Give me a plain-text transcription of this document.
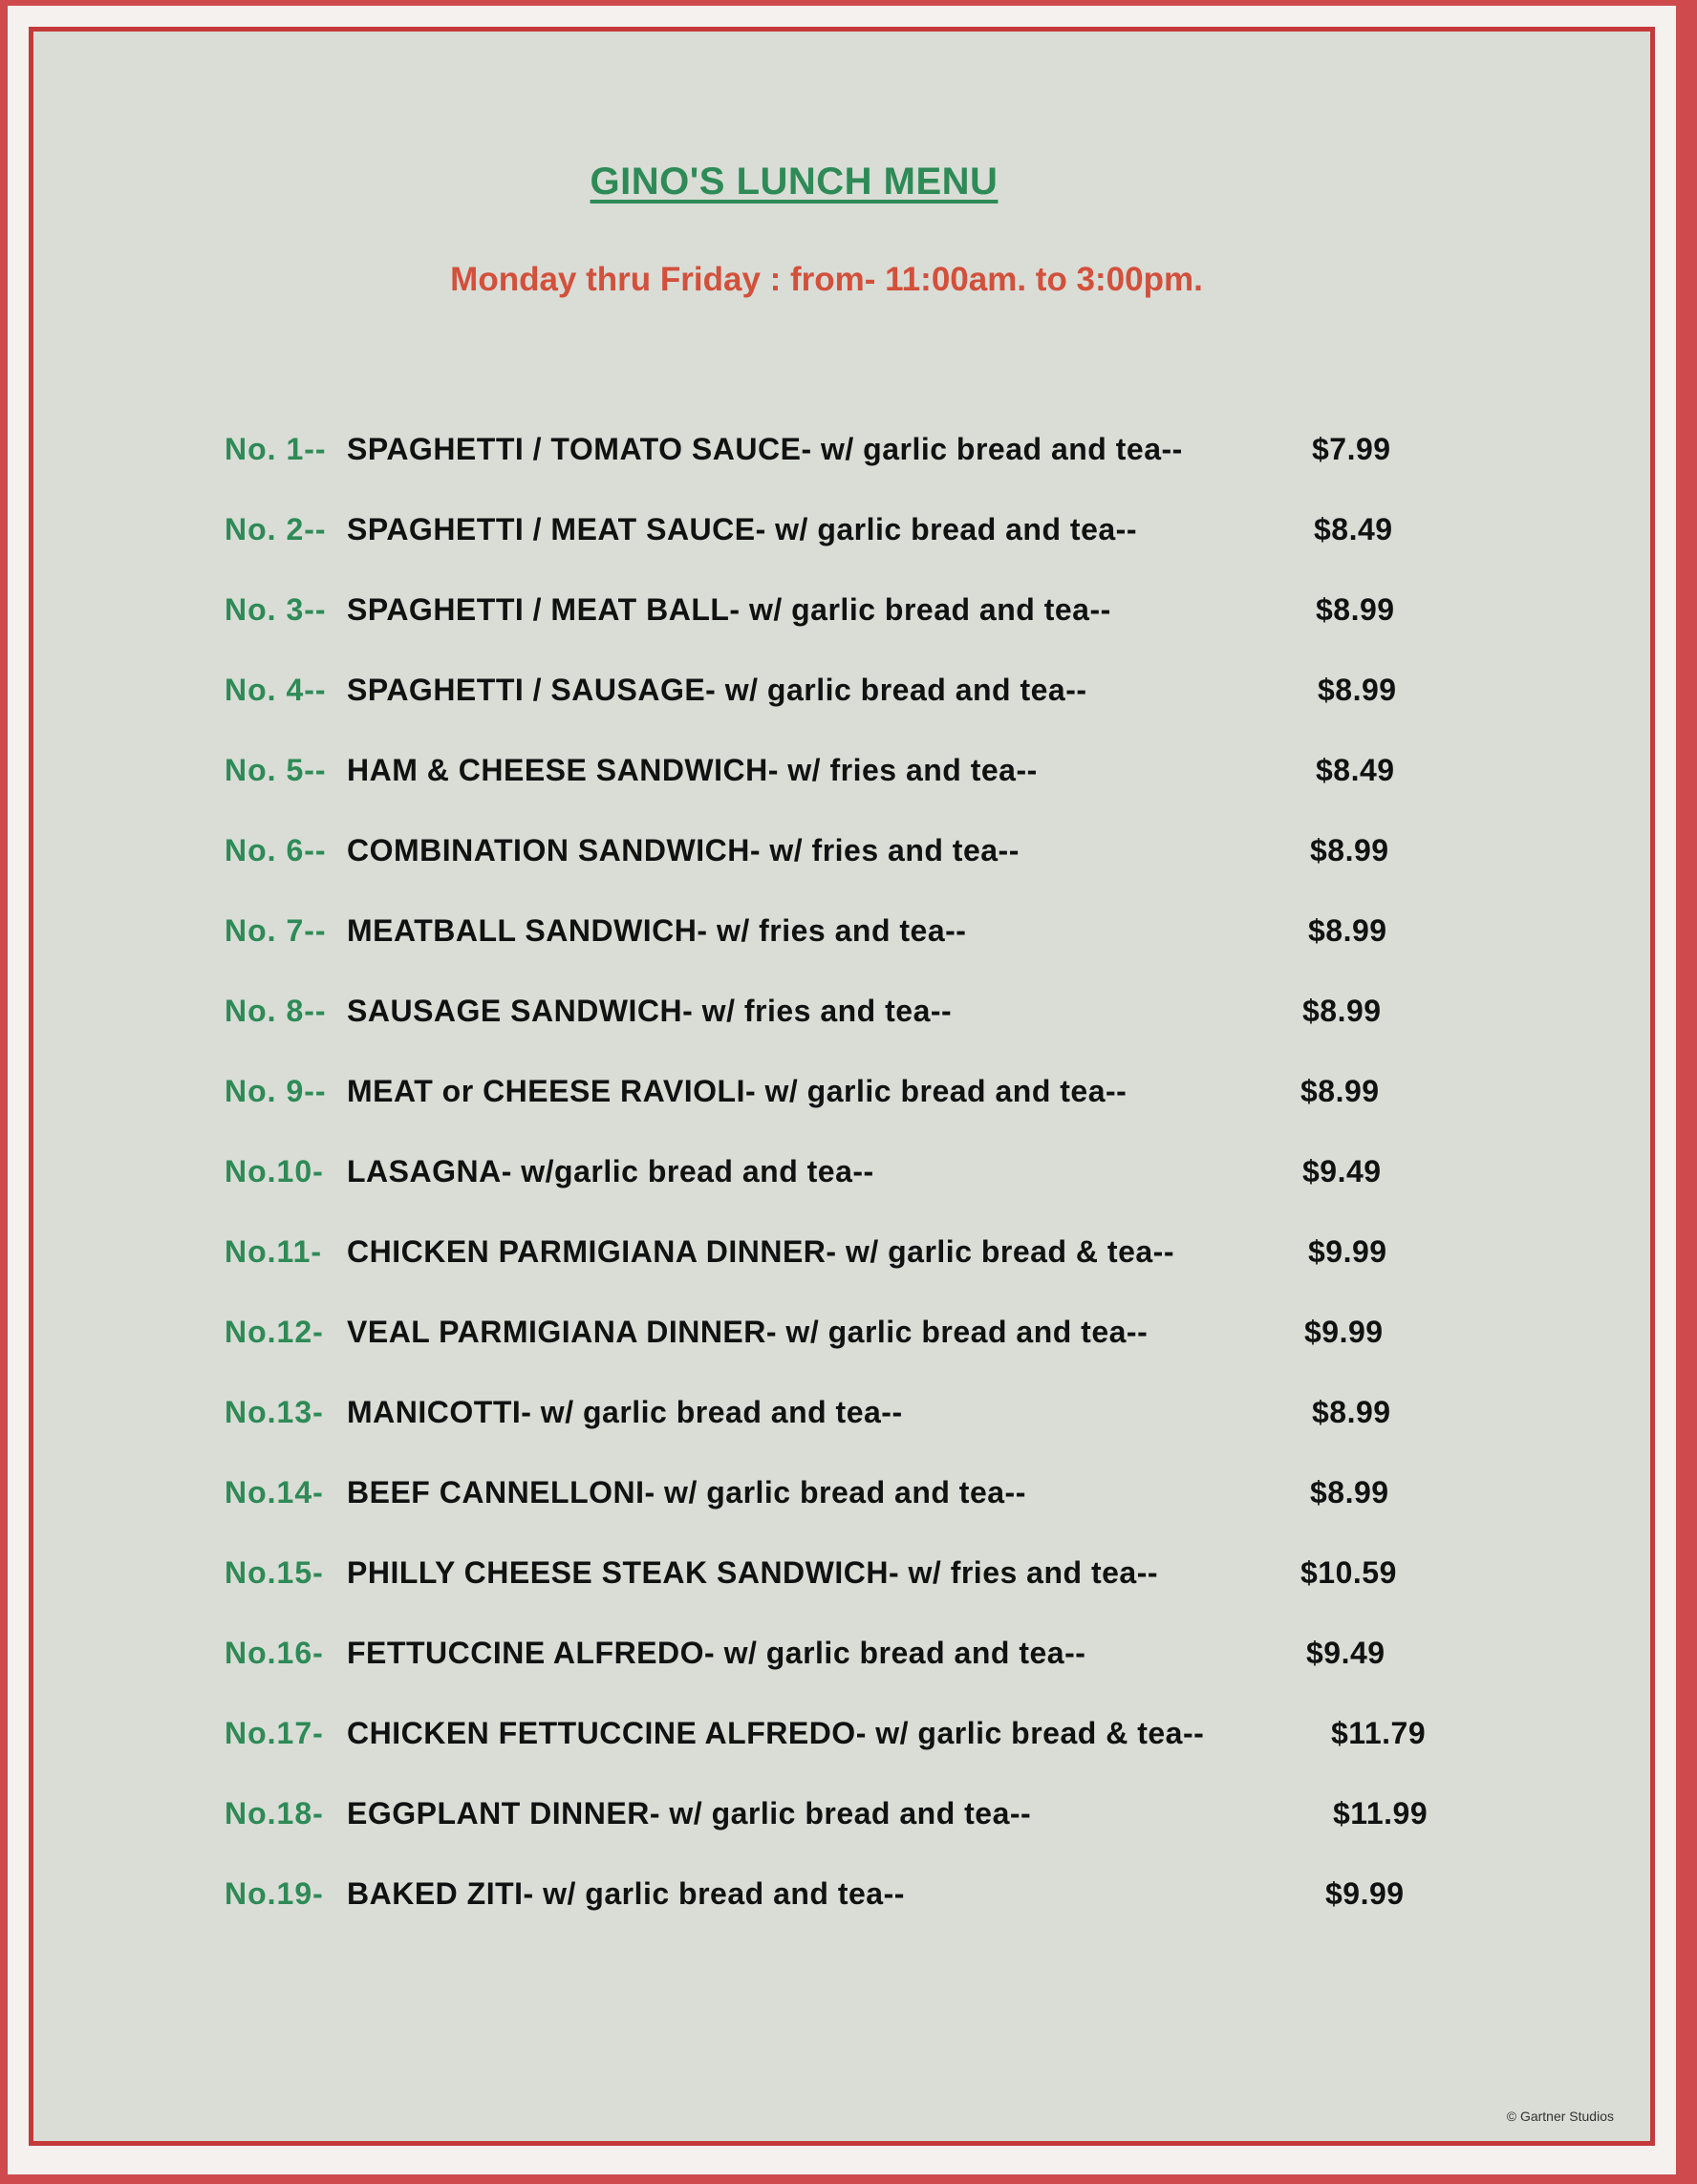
GINO'S LUNCH MENU
Monday thru Friday : from- 11:00am. to 3:00pm.
No. 1-- SPAGHETTI / TOMATO SAUCE- w/ garlic bread and tea--	$7.99
No. 2-- SPAGHETTI / MEAT SAUCE- w/ garlic bread and tea--	$8.49
No. 3-- SPAGHETTI / MEAT BALL- w/ garlic bread and tea--	$8.99
No. 4-- SPAGHETTI / SAUSAGE- w/ garlic bread and tea--	$8.99
No. 5-- HAM & CHEESE SANDWICH- w/ fries and tea--	$8.49
No. 6-- COMBINATION SANDWICH- w/ fries and tea--	$8.99
No. 7-- MEATBALL SANDWICH- w/ fries and tea--	$8.99
No. 8-- SAUSAGE SANDWICH- w/ fries and tea--	$8.99
No. 9-- MEAT or CHEESE RAVIOLI- w/ garlic bread and tea--	$8.99
No.10- LASAGNA- w/garlic bread and tea--	$9.49
No.11- CHICKEN PARMIGIANA DINNER- w/ garlic bread & tea--	$9.99
No.12- VEAL PARMIGIANA DINNER- w/ garlic bread and tea--	$9.99
No.13- MANICOTTI- w/ garlic bread and tea--	$8.99
No.14- BEEF CANNELLONI- w/ garlic bread and tea--	$8.99
No.15- PHILLY CHEESE STEAK SANDWICH- w/ fries and tea--	$10.59
No.16- FETTUCCINE ALFREDO- w/ garlic bread and tea--	$9.49
No.17- CHICKEN FETTUCCINE ALFREDO- w/ garlic bread & tea--	$11.79
No.18- EGGPLANT DINNER- w/ garlic bread and tea--	$11.99
No.19- BAKED ZITI- w/ garlic bread and tea--	$9.99
© Gartner Studios
